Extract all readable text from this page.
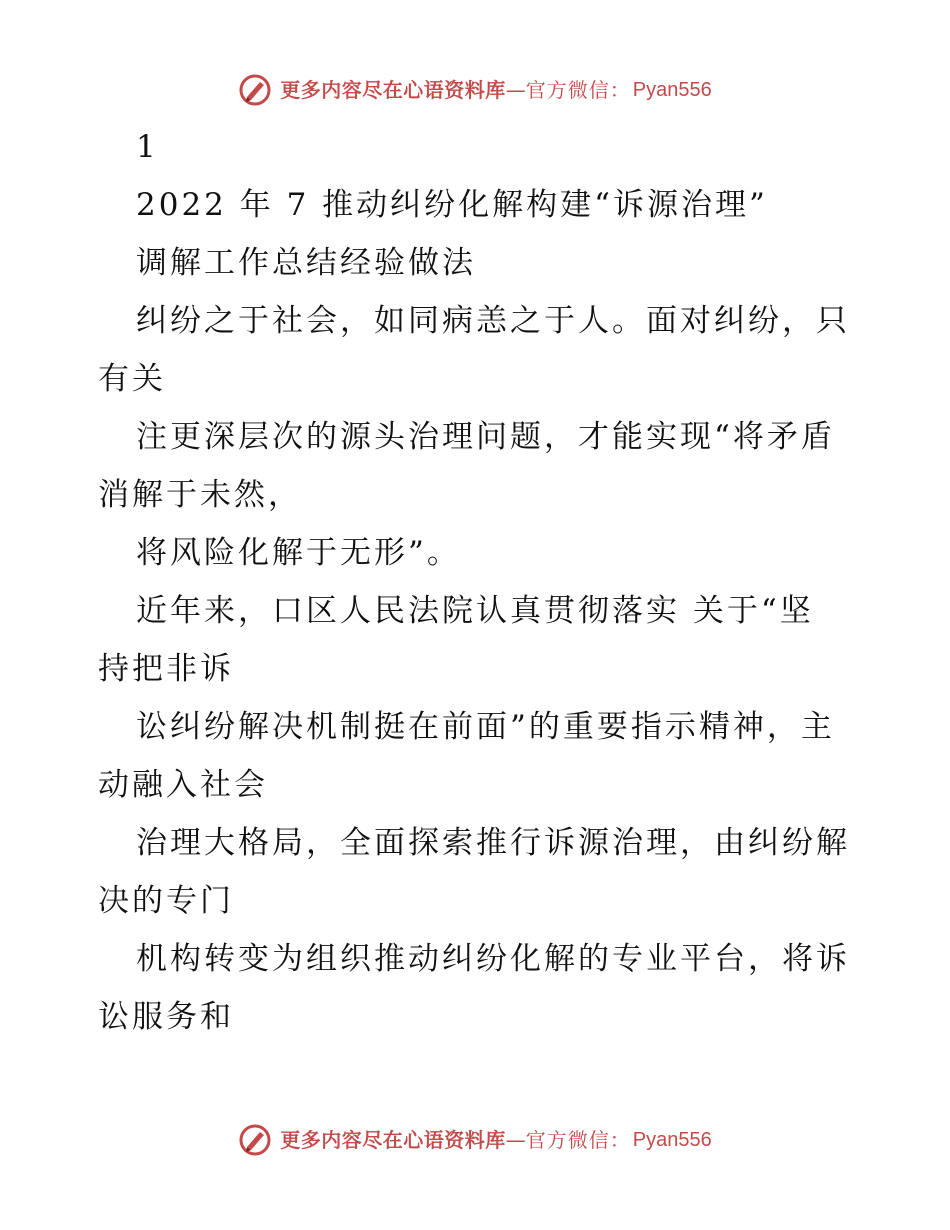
更多内容尽在心语资料库 — 官方微信： Pyan556
1
2022 年 7 推动纠纷化解构建“诉源治理”
调解工作总结经验做法
纠纷之于社会，如同病恙之于人。面对纠纷，只
有关
注更深层次的源头治理问题，才能实现“将矛盾
消解于未然，
将风险化解于无形”。
近年来，口区人民法院认真贯彻落实 关于“坚
持把非诉
讼纠纷解决机制挺在前面”的重要指示精神，主
动融入社会
治理大格局，全面探索推行诉源治理，由纠纷解
决的专门
机构转变为组织推动纠纷化解的专业平台，将诉
讼服务和
更多内容尽在心语资料库 — 官方微信： Pyan556
